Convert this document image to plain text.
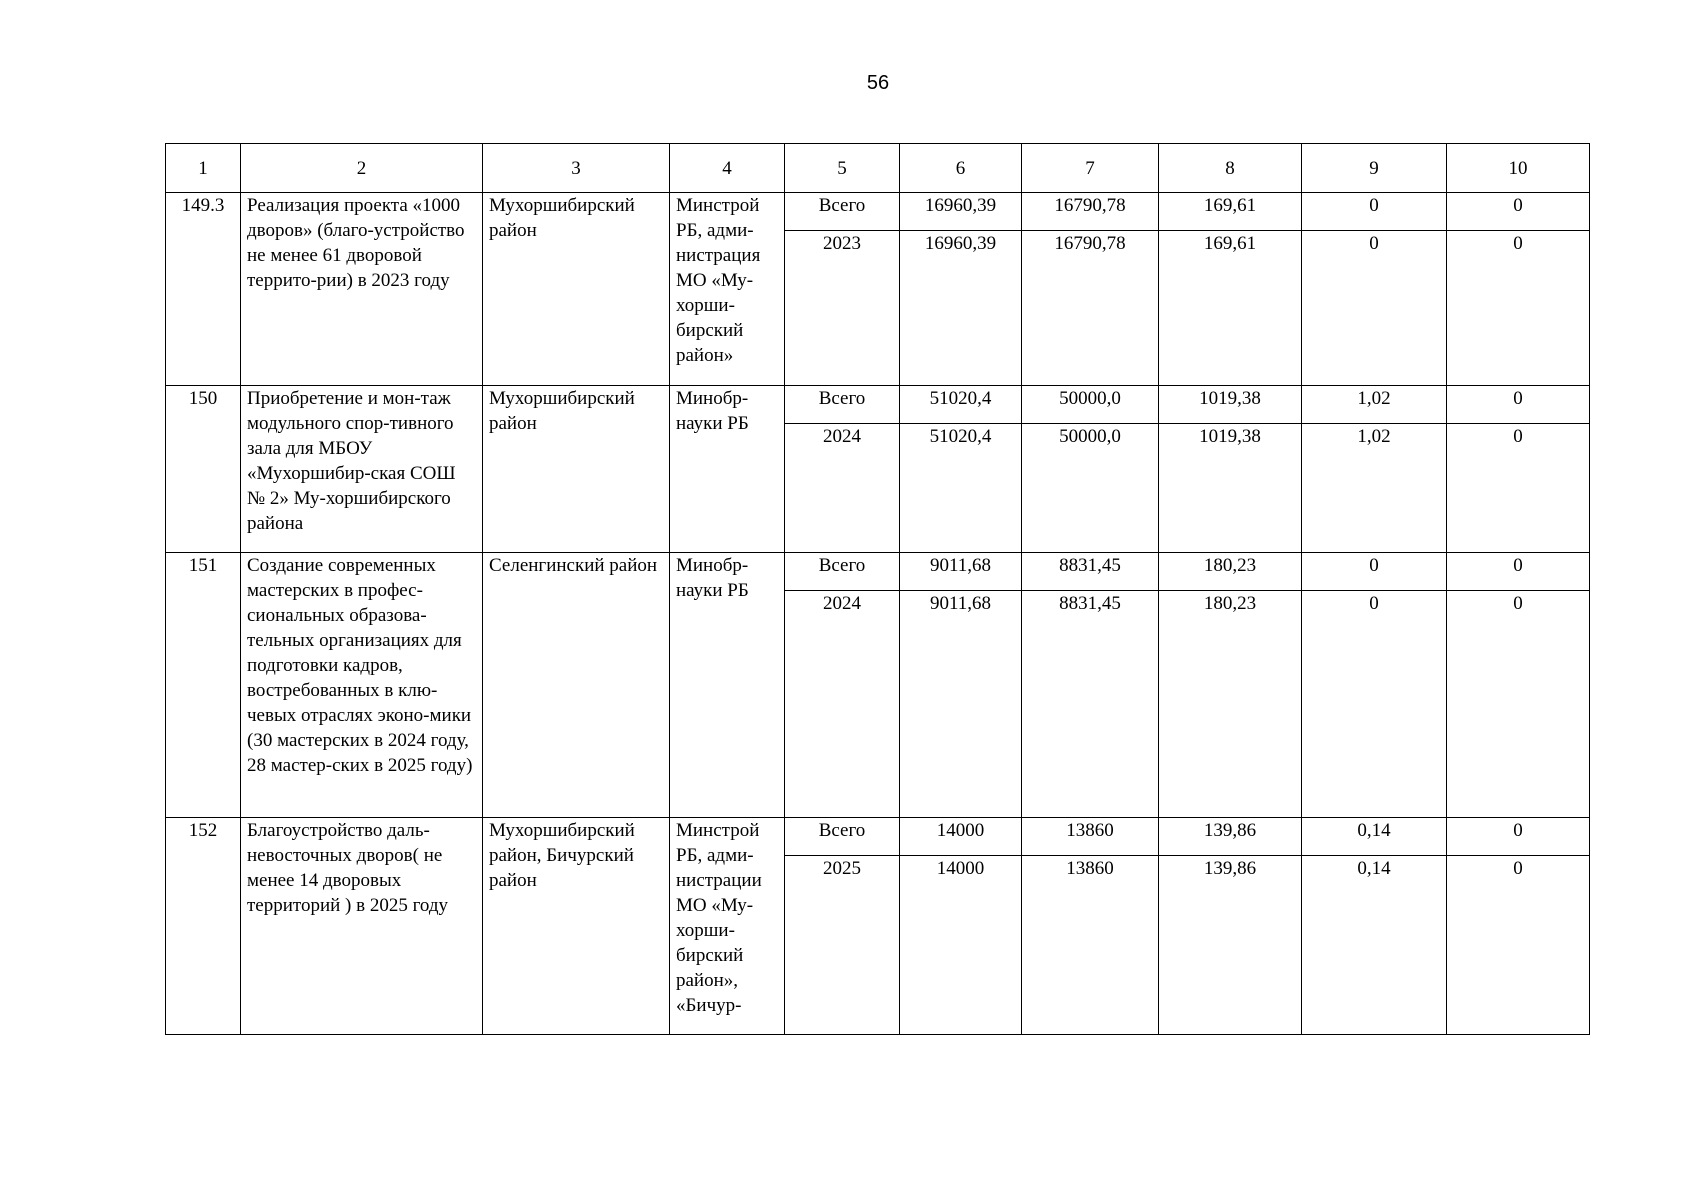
56
1	2	3	4	5	6	7	8	9	10
149.3	Реализация проекта «1000 дворов» (благо-устройство не менее 61 дворовой террито-рии) в 2023 году	Мухоршибирский район	Минстрой РБ, адми-нистрация МО «Му-хорши-бирский район»	Всего	16960,39	16790,78	169,61	0	0
				2023	16960,39	16790,78	169,61	0	0
150	Приобретение и мон-таж модульного спор-тивного зала для МБОУ «Мухоршибир-ская СОШ № 2» Му-хоршибирского района	Мухоршибирский район	Минобр-науки РБ	Всего	51020,4	50000,0	1019,38	1,02	0
				2024	51020,4	50000,0	1019,38	1,02	0
151	Создание современных мастерских в профес-сиональных образова-тельных организациях для подготовки кадров, востребованных в клю-чевых отраслях эконо-мики (30 мастерских в 2024 году, 28 мастер-ских в 2025 году)	Селенгинский район	Минобр-науки РБ	Всего	9011,68	8831,45	180,23	0	0
				2024	9011,68	8831,45	180,23	0	0
152	Благоустройство даль-невосточных дворов( не менее 14 дворовых территорий ) в 2025 году	Мухоршибирский район, Бичурский район	Минстрой РБ, адми-нистрации МО «Му-хорши-бирский район», «Бичур-	Всего	14000	13860	139,86	0,14	0
				2025	14000	13860	139,86	0,14	0
